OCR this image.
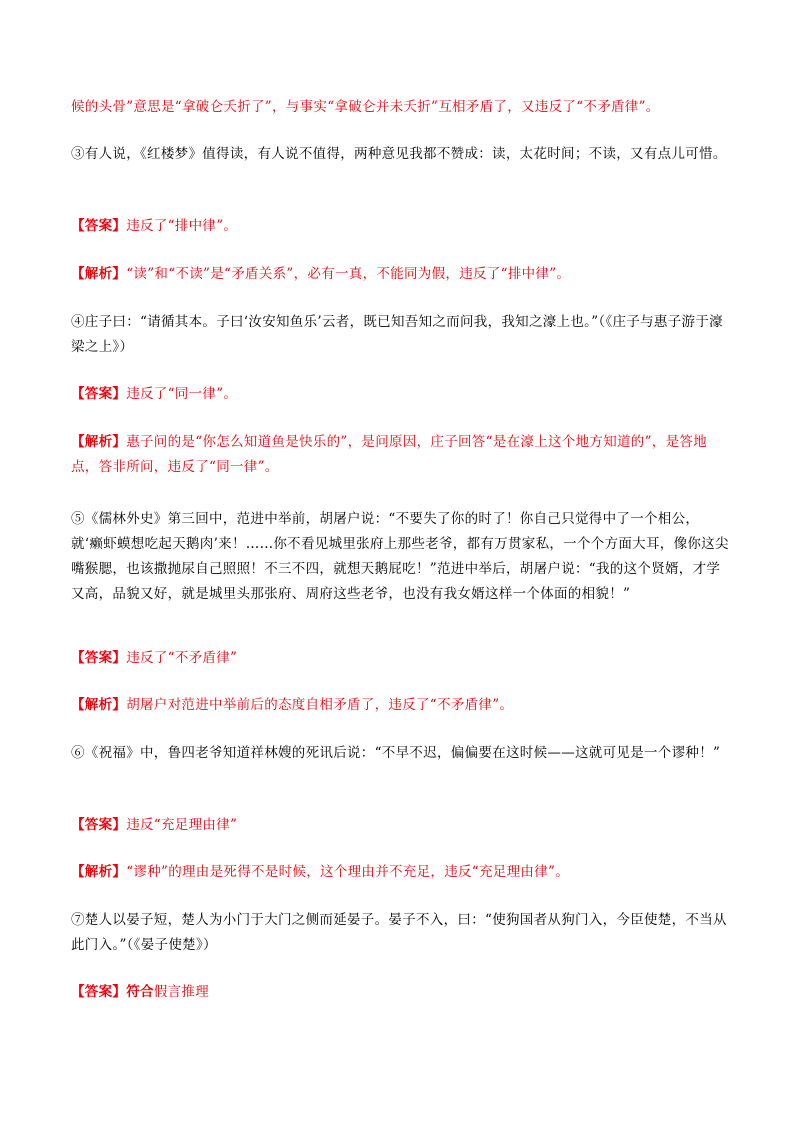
候的头骨”意思是“拿破仑夭折了”，与事实“拿破仑并未夭折”互相矛盾了，又违反了“不矛盾律”。
③有人说，《红楼梦》值得读，有人说不值得，两种意见我都不赞成：读，太花时间；不读，又有点儿可惜。
【答案】违反了“排中律”。
【解析】“读”和“不读”是“矛盾关系”，必有一真，不能同为假，违反了“排中律”。
④庄子曰：“请循其本。子曰‘汝安知鱼乐’云者，既已知吾知之而问我，我知之濠上也。”（《庄子与惠子游于濠梁之上》）
【答案】违反了“同一律”。
【解析】惠子问的是“你怎么知道鱼是快乐的”，是问原因，庄子回答“是在濠上这个地方知道的”，是答地点，答非所问，违反了“同一律”。
⑤《儒林外史》第三回中，范进中举前，胡屠户说：“不要失了你的时了！你自己只觉得中了一个相公，就‘癞虾蟆想吃起天鹅肉’来！……你不看见城里张府上那些老爷，都有万贯家私，一个个方面大耳，像你这尖嘴猴腮，也该撒抛尿自己照照！不三不四，就想天鹅屁吃！”范进中举后，胡屠户说：“我的这个贤婿，才学又高，品貌又好，就是城里头那张府、周府这些老爷，也没有我女婿这样一个体面的相貌！”
【答案】违反了“不矛盾律”
【解析】胡屠户对范进中举前后的态度自相矛盾了，违反了“不矛盾律”。
⑥《祝福》中，鲁四老爷知道祥林嫂的死讯后说：“不早不迟，偏偏要在这时候——这就可见是一个谬种！”
【答案】违反“充足理由律”
【解析】“谬种”的理由是死得不是时候，这个理由并不充足，违反“充足理由律”。
⑦楚人以晏子短，楚人为小门于大门之侧而延晏子。晏子不入，曰：“使狗国者从狗门入，今臣使楚，不当从此门入。”（《晏子使楚》）
【答案】符合假言推理
